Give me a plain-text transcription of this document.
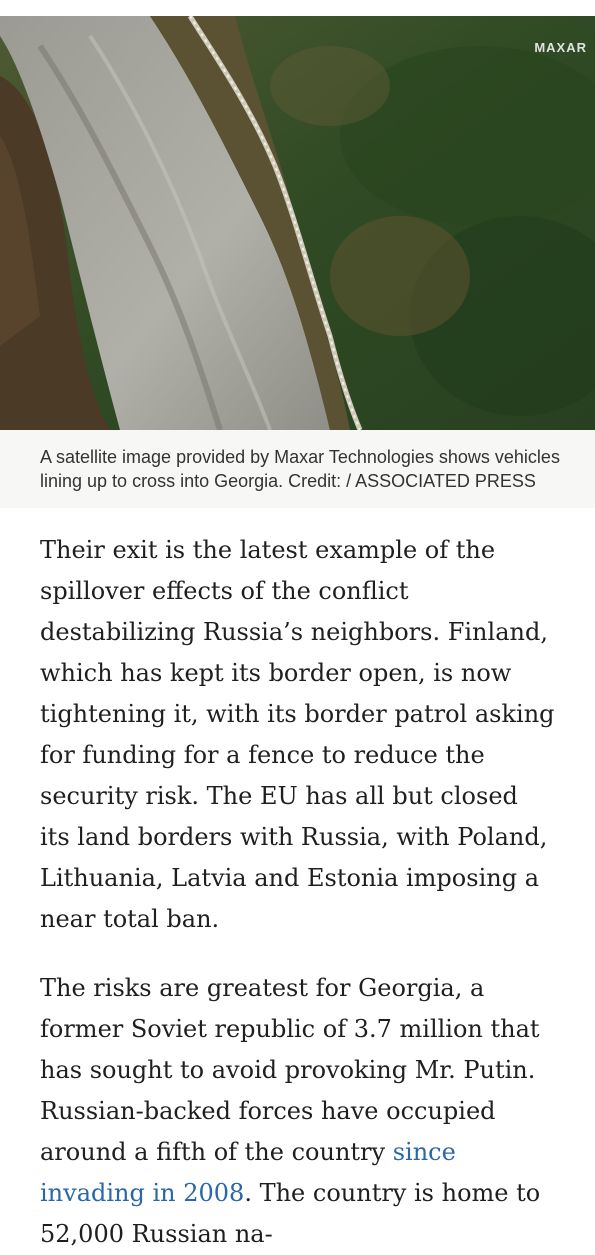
MAXAR
A satellite image provided by Maxar Technologies shows vehicles lining up to cross into Georgia. Credit: / ASSOCIATED PRESS

Their exit is the latest example of the spillover effects of the conflict destabilizing Russia’s neighbors. Finland, which has kept its border open, is now tightening it, with its border patrol asking for funding for a fence to reduce the security risk. The EU has all but closed its land borders with Russia, with Poland, Lithuania, Latvia and Estonia imposing a near total ban.

The risks are greatest for Georgia, a former Soviet republic of 3.7 million that has sought to avoid provoking Mr. Putin. Russian-backed forces have occupied around a fifth of the country since invading in 2008. The country is home to 52,000 Russian na-
